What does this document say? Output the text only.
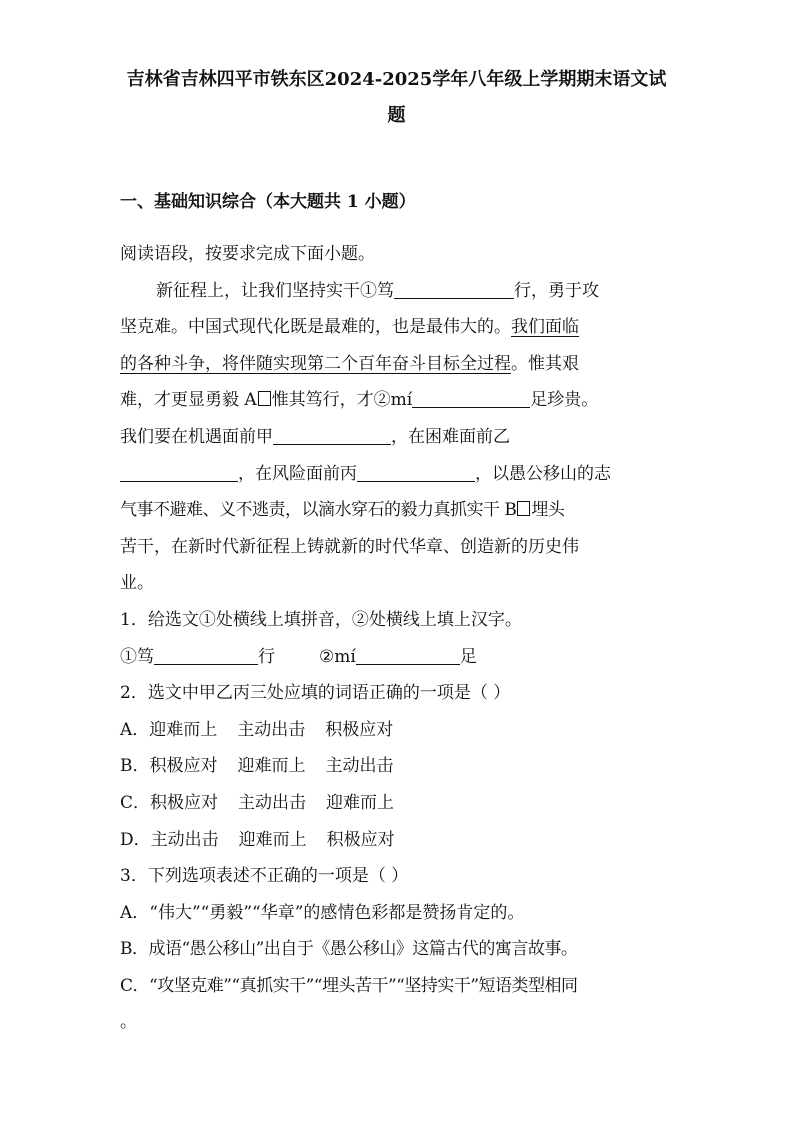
吉林省吉林四平市铁东区2024-2025学年八年级上学期期末语文试
题
一、基础知识综合（本大题共 1 小题）
阅读语段，按要求完成下面小题。
新征程上，让我们坚持实干①笃	行，勇于攻
坚克难。中国式现代化既是最难的，也是最伟大的。我们面临
的各种斗争，将伴随实现第二个百年奋斗目标全过程。惟其艰
难，才更显勇毅 A 惟其笃行，才②mí	足珍贵。
我们要在机遇面前甲	，在困难面前乙
，在风险面前丙	，以愚公移山的志
气事不避难、义不逃责，以滴水穿石的毅力真抓实干 B 埋头
苦干，在新时代新征程上铸就新的时代华章、创造新的历史伟
业。
1．给选文①处横线上填拼音，②处横线上填上汉字。
①笃	行	②mí	足
2．选文中甲乙丙三处应填的词语正确的一项是（ ）
A．迎难而上 主动出击 积极应对
B．积极应对 迎难而上 主动出击
C．积极应对 主动出击 迎难而上
D．主动出击 迎难而上 积极应对
3．下列选项表述不正确的一项是（ ）
A．“伟大”“勇毅”“华章”的感情色彩都是赞扬肯定的。
B．成语“愚公移山”出自于《愚公移山》这篇古代的寓言故事。
C．“攻坚克难”“真抓实干”“埋头苦干”“坚持实干”短语类型相同
。
